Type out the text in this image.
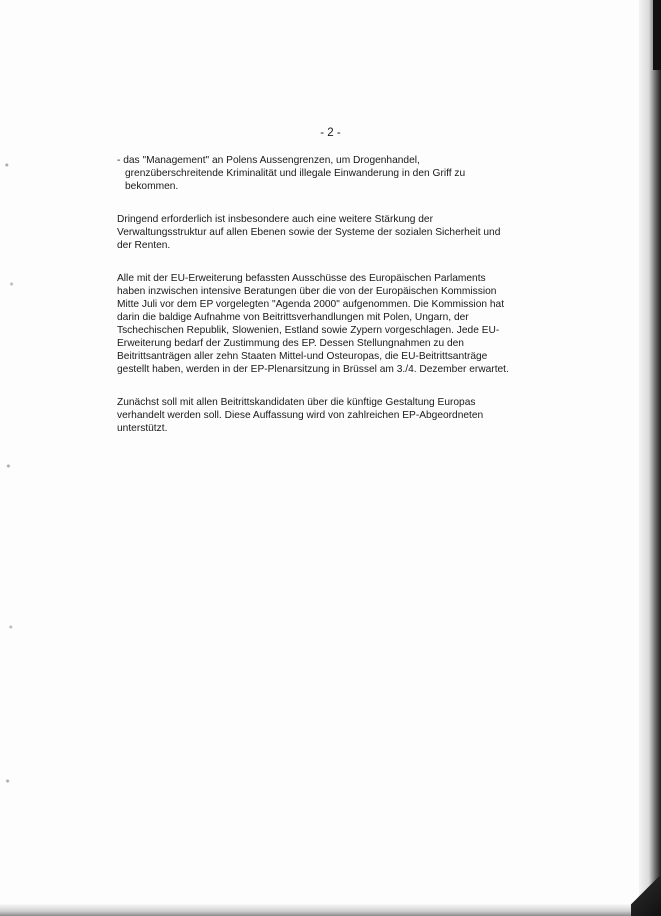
- 2 -
- das "Management" an Polens Aussengrenzen, um Drogenhandel,
grenzüberschreitende Kriminalität und illegale Einwanderung in den Griff zu
bekommen.
Dringend erforderlich ist insbesondere auch eine weitere Stärkung der
Verwaltungsstruktur auf allen Ebenen sowie der Systeme der sozialen Sicherheit und
der Renten.
Alle mit der EU-Erweiterung befassten Ausschüsse des Europäischen Parlaments
haben inzwischen intensive Beratungen über die von der Europäischen Kommission
Mitte Juli vor dem EP vorgelegten "Agenda 2000" aufgenommen. Die Kommission hat
darin die baldige Aufnahme von Beitrittsverhandlungen mit Polen, Ungarn, der
Tschechischen Republik, Slowenien, Estland sowie Zypern vorgeschlagen. Jede EU-
Erweiterung bedarf der Zustimmung des EP. Dessen Stellungnahmen zu den
Beitrittsanträgen aller zehn Staaten Mittel-und Osteuropas, die EU-Beitrittsanträge
gestellt haben, werden in der EP-Plenarsitzung in Brüssel am 3./4. Dezember erwartet.
Zunächst soll mit allen Beitrittskandidaten über die künftige Gestaltung Europas
verhandelt werden soll. Diese Auffassung wird von zahlreichen EP-Abgeordneten
unterstützt.
